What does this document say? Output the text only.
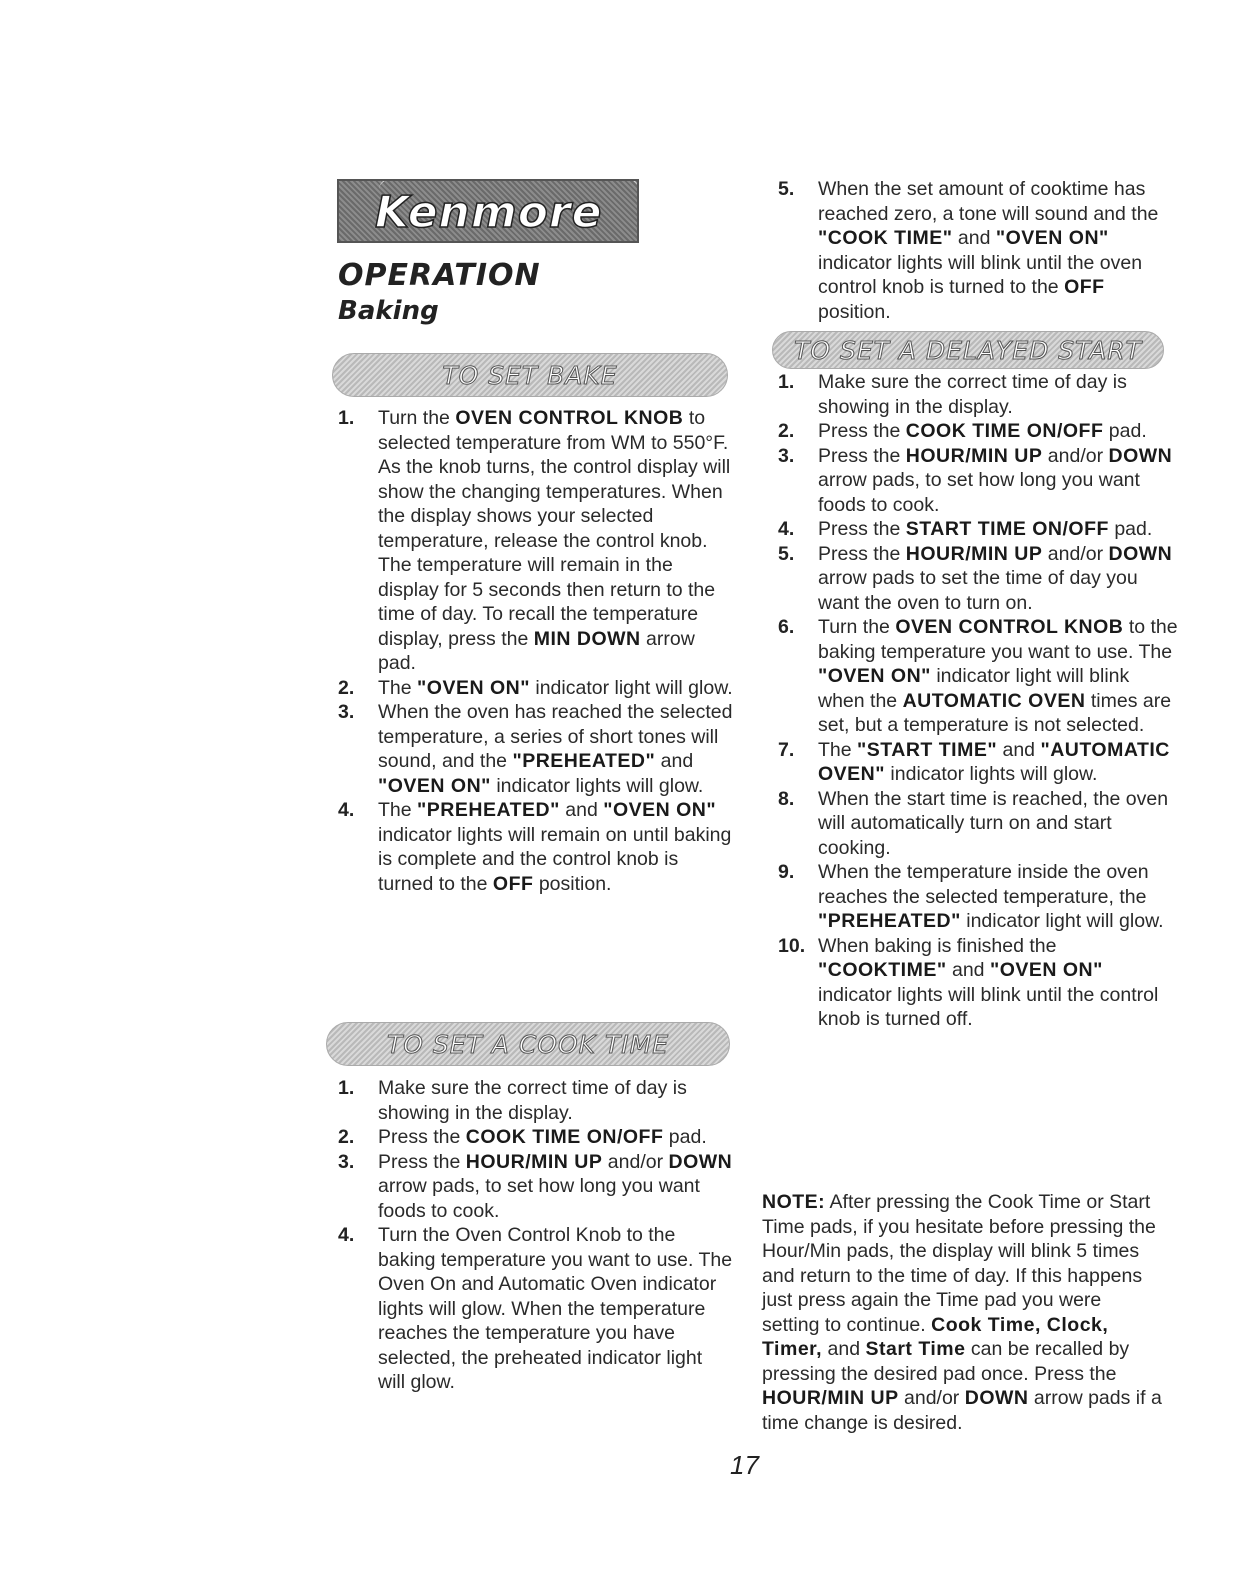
Kenmore
OPERATION
Baking
TO SET BAKE
1. Turn the OVEN CONTROL KNOB to selected temperature from WM to 550°F. As the knob turns, the control display will show the changing temperatures. When the display shows your selected temperature, release the control knob. The temperature will remain in the display for 5 seconds then return to the time of day. To recall the temperature display, press the MIN DOWN arrow pad.
2. The "OVEN ON" indicator light will glow.
3. When the oven has reached the selected temperature, a series of short tones will sound, and the "PREHEATED" and "OVEN ON" indicator lights will glow.
4. The "PREHEATED" and "OVEN ON" indicator lights will remain on until baking is complete and the control knob is turned to the OFF position.
TO SET A COOK TIME
1. Make sure the correct time of day is showing in the display.
2. Press the COOK TIME ON/OFF pad.
3. Press the HOUR/MIN UP and/or DOWN arrow pads, to set how long you want foods to cook.
4. Turn the Oven Control Knob to the baking temperature you want to use. The Oven On and Automatic Oven indicator lights will glow. When the temperature reaches the temperature you have selected, the preheated indicator light will glow.
5. When the set amount of cooktime has reached zero, a tone will sound and the "COOK TIME" and "OVEN ON" indicator lights will blink until the oven control knob is turned to the OFF position.
TO SET A DELAYED START
1. Make sure the correct time of day is showing in the display.
2. Press the COOK TIME ON/OFF pad.
3. Press the HOUR/MIN UP and/or DOWN arrow pads, to set how long you want foods to cook.
4. Press the START TIME ON/OFF pad.
5. Press the HOUR/MIN UP and/or DOWN arrow pads to set the time of day you want the oven to turn on.
6. Turn the OVEN CONTROL KNOB to the baking temperature you want to use. The "OVEN ON" indicator light will blink when the AUTOMATIC OVEN times are set, but a temperature is not selected.
7. The "START TIME" and "AUTOMATIC OVEN" indicator lights will glow.
8. When the start time is reached, the oven will automatically turn on and start cooking.
9. When the temperature inside the oven reaches the selected temperature, the "PREHEATED" indicator light will glow.
10. When baking is finished the "COOKTIME" and "OVEN ON" indicator lights will blink until the control knob is turned off.

NOTE: After pressing the Cook Time or Start Time pads, if you hesitate before pressing the Hour/Min pads, the display will blink 5 times and return to the time of day. If this happens just press again the Time pad you were setting to continue. Cook Time, Clock, Timer, and Start Time can be recalled by pressing the desired pad once. Press the HOUR/MIN UP and/or DOWN arrow pads if a time change is desired.

17
